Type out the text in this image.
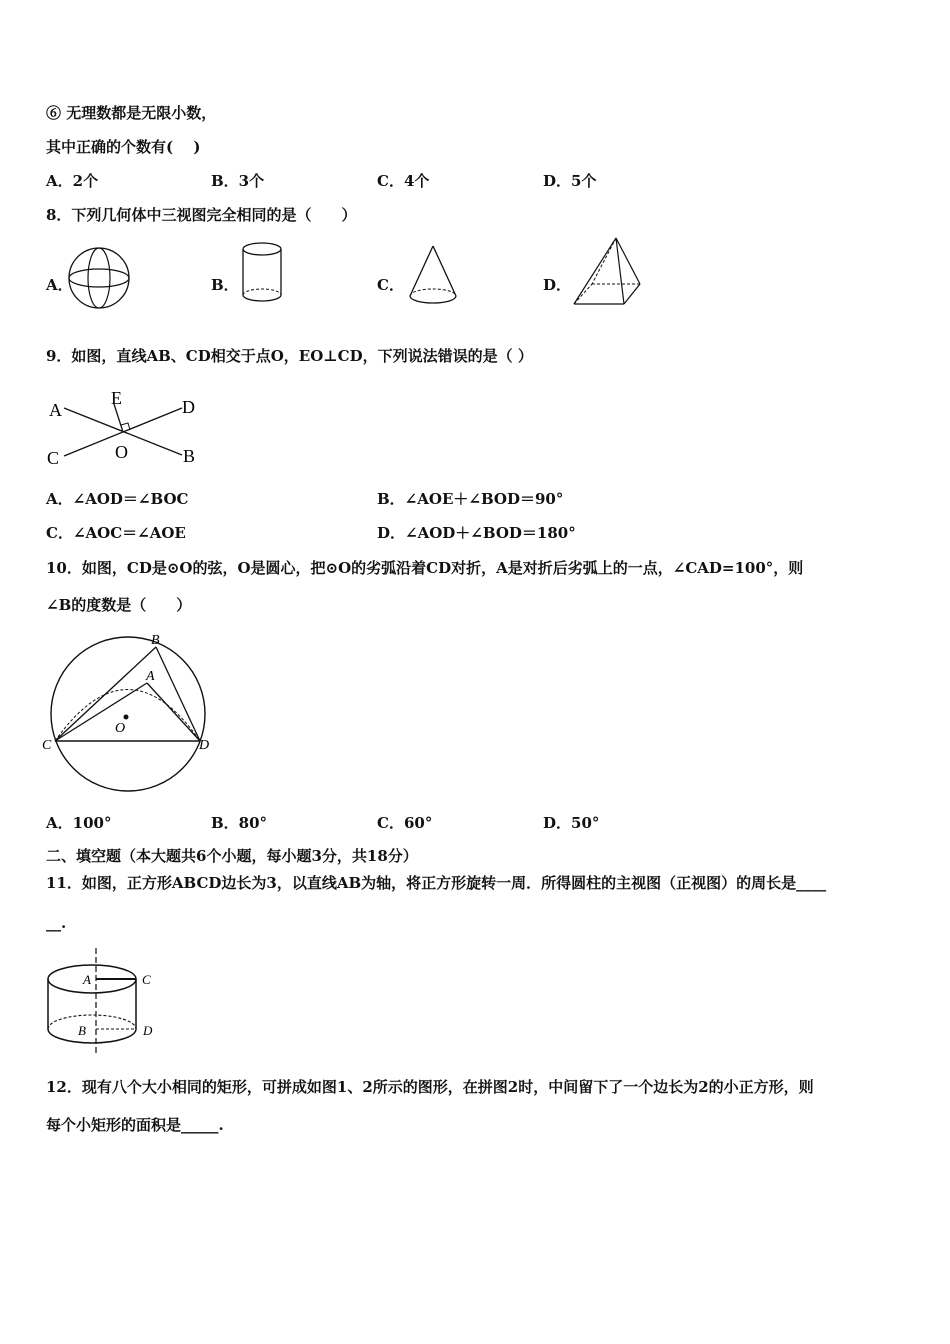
⑥ 无理数都是无限小数，
其中正确的个数有(　 )
A．2个	B．3个	C．4个	D．5个
8．下列几何体中三视图完全相同的是（　　）
A．	B．	C．	D．
9．如图，直线AB、CD相交于点O，EO⊥CD，下列说法错误的是（ ）
A
E	D
C	O	B
A．∠AOD＝∠BOC	B．∠AOE＋∠BOD＝90°
C．∠AOC＝∠AOE	D．∠AOD＋∠BOD＝180°
10．如图，CD是⊙O的弦，O是圆心，把⊙O的劣弧沿着CD对折，A是对折后劣弧上的一点，∠CAD=100°，则
∠B的度数是（　　）
B
A
O
C	D
A．100°	B．80°	C．60°	D．50°
二、填空题（本大题共6个小题，每小题3分，共18分）
11．如图，正方形ABCD边长为3，以直线AB为轴，将正方形旋转一周．所得圆柱的主视图（正视图）的周长是____
__.
A	C
B	D
12．现有八个大小相同的矩形，可拼成如图1、2所示的图形，在拼图2时，中间留下了一个边长为2的小正方形，则
每个小矩形的面积是_____.
